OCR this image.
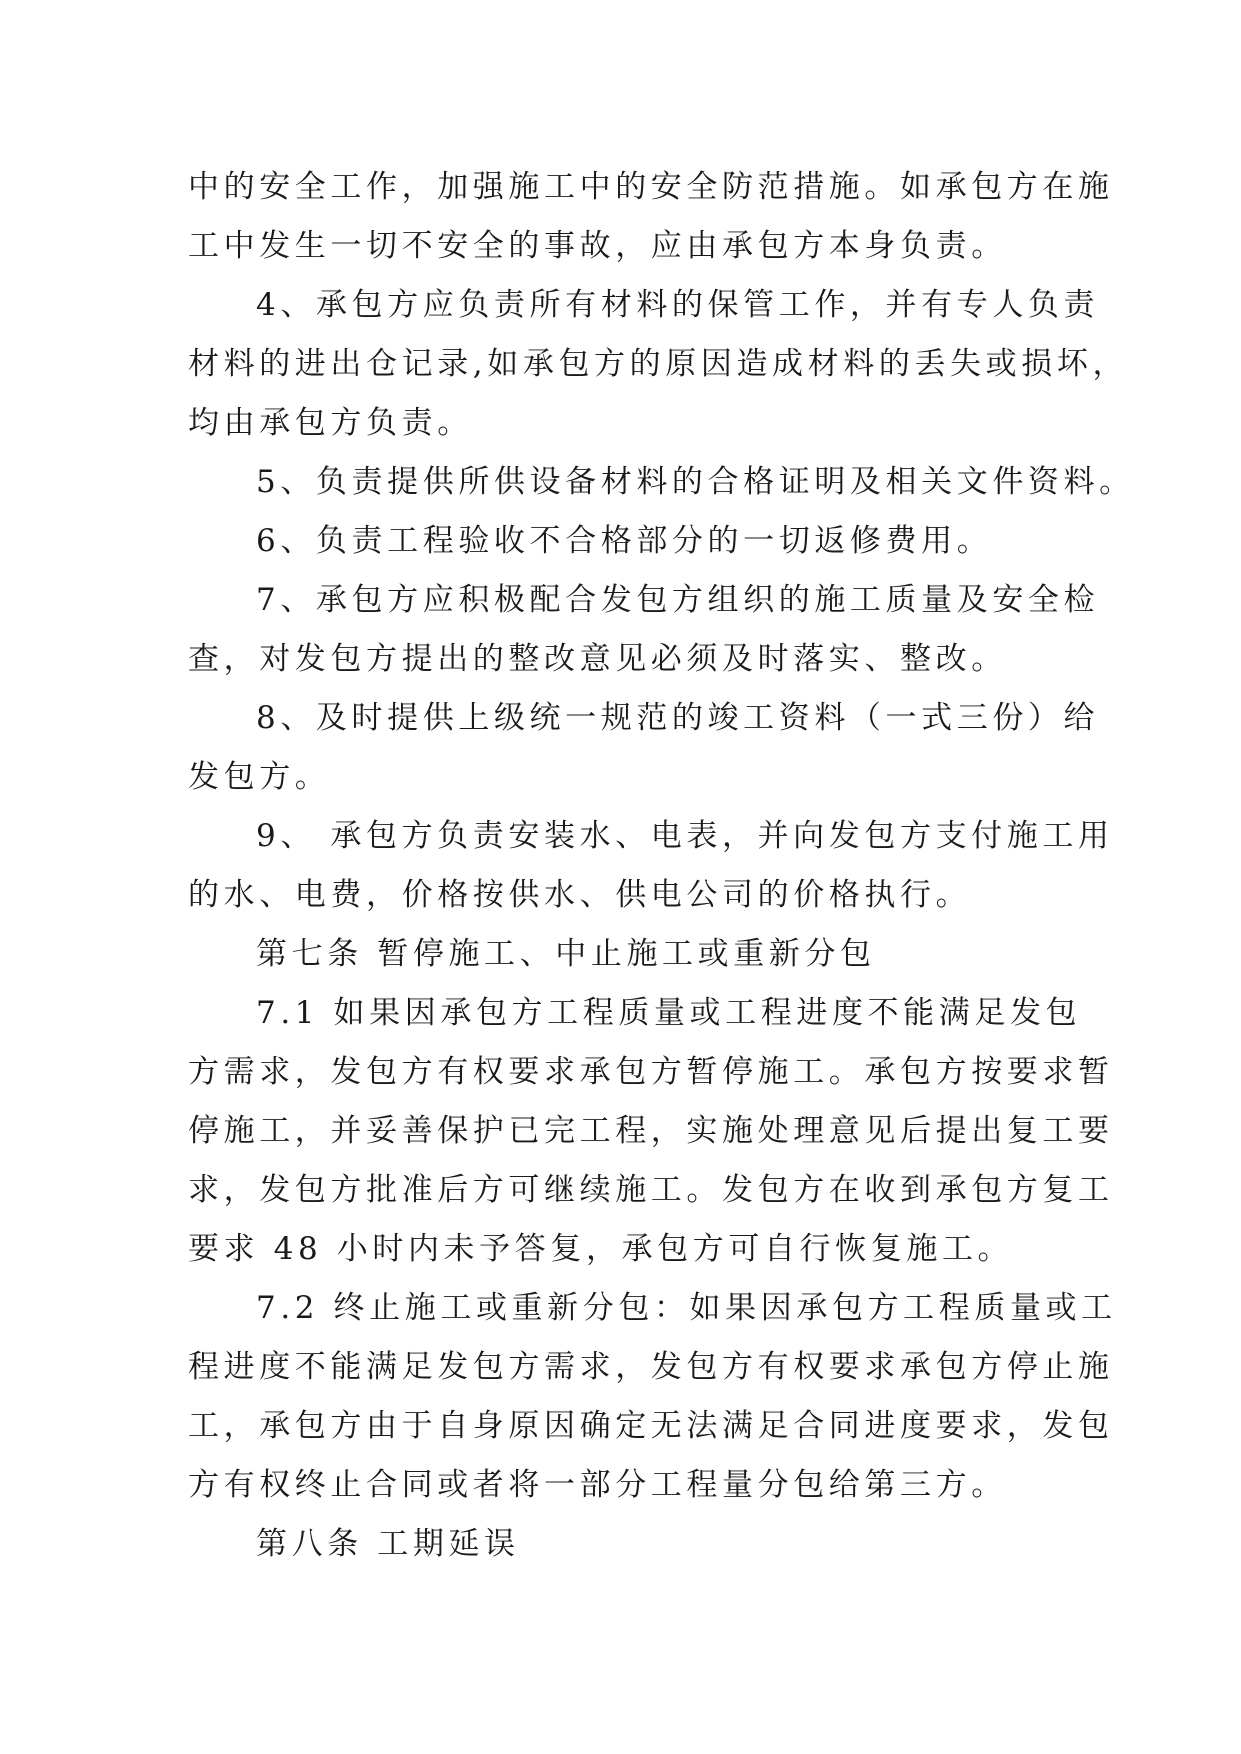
中的安全工作，加强施工中的安全防范措施。如承包方在施
工中发生一切不安全的事故，应由承包方本身负责。
4、承包方应负责所有材料的保管工作，并有专人负责
材料的进出仓记录,如承包方的原因造成材料的丢失或损坏，
均由承包方负责。
5、负责提供所供设备材料的合格证明及相关文件资料。
6、负责工程验收不合格部分的一切返修费用。
7、承包方应积极配合发包方组织的施工质量及安全检
查，对发包方提出的整改意见必须及时落实、整改。
8、及时提供上级统一规范的竣工资料（一式三份）给
发包方。
9、 承包方负责安装水、电表，并向发包方支付施工用
的水、电费，价格按供水、供电公司的价格执行。
第七条 暂停施工、中止施工或重新分包
7.1 如果因承包方工程质量或工程进度不能满足发包
方需求，发包方有权要求承包方暂停施工。承包方按要求暂
停施工，并妥善保护已完工程，实施处理意见后提出复工要
求，发包方批准后方可继续施工。发包方在收到承包方复工
要求 48 小时内未予答复，承包方可自行恢复施工。
7.2 终止施工或重新分包：如果因承包方工程质量或工
程进度不能满足发包方需求，发包方有权要求承包方停止施
工，承包方由于自身原因确定无法满足合同进度要求，发包
方有权终止合同或者将一部分工程量分包给第三方。
第八条 工期延误
